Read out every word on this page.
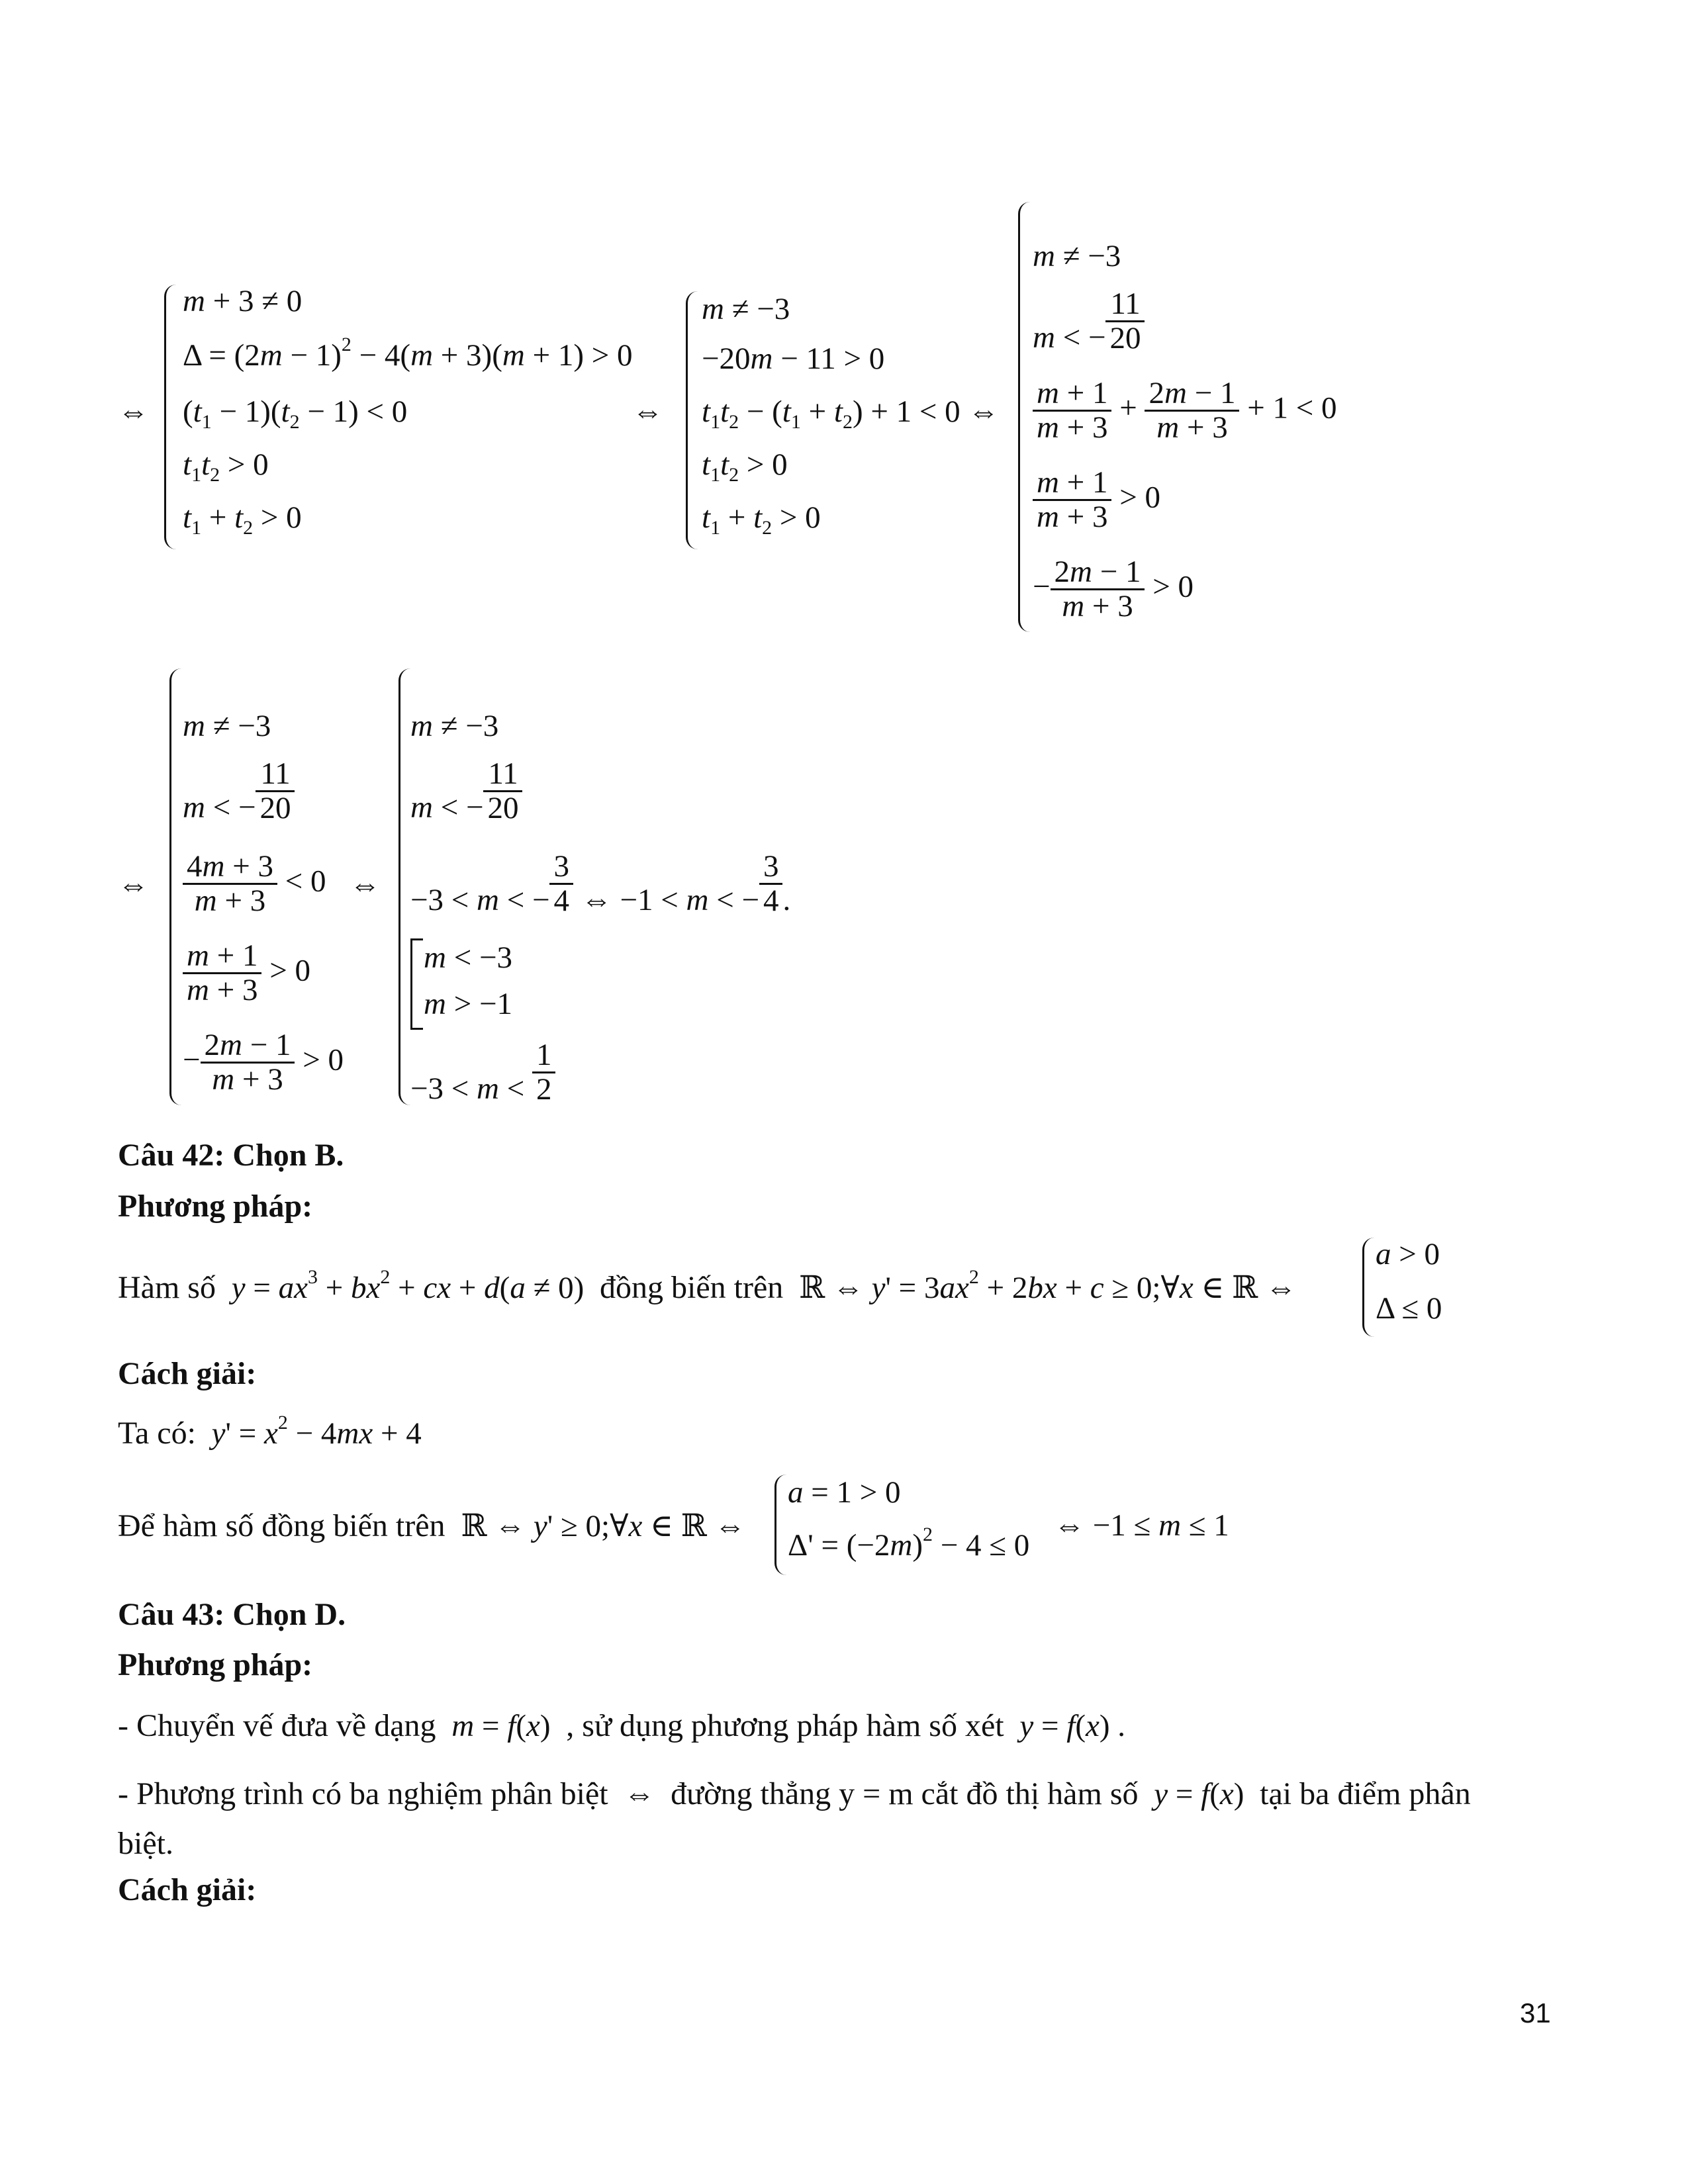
⇔
m + 3 ≠ 0
$\Delta = (2m - 1)^2 - 4(m + 3)(m + 1) > 0$
$(t_1 - 1)(t_2 - 1) < 0$
$t_1t_2 > 0$
$t_1 + t_2 > 0$
⇔
m ≠ −3
−20m − 11 > 0
$t_1t_2 - (t_1 + t_2) + 1 < 0$ ⇔
$t_1t_2 > 0$
$t_1 + t_2 > 0$
m ≠ −3
m < − $\frac{11}{20}$
$\frac{m + 1}{m + 3} + \frac{2m - 1}{m + 3} + 1 < 0$
$\frac{m + 1}{m + 3} > 0$
− $\frac{2m - 1}{m + 3} > 0$
⇔
m ≠ −3
m < − $\frac{11}{20}$
$\frac{4m + 3}{m + 3} < 0$
$\frac{m + 1}{m + 3} > 0$
− $\frac{2m - 1}{m + 3} > 0$
⇔
m ≠ −3
m < − $\frac{11}{20}$
−3 < m < − $\frac{3}{4}$ ⇔ −1 < m < − $\frac{3}{4}$ .
m < −3
m > −1
$-3 < m < \frac{1}{2}$
Câu 42: Chọn B.
Phương pháp:
Hàm số $y = ax^3 + bx^2$ + cx + d(a ≠ 0)  đồng biến trên  ℝ ⇔ $y' = 3ax^2 + 2bx + c$ ≥ 0;∀x ∈ ℝ ⇔
a > 0
Δ ≤ 0
Cách giải:
Ta có: $y' = x^2 - 4mx + 4$
Để hàm số đồng biến trên  ℝ ⇔ y' ≥ 0;∀x ∈ ℝ ⇔
a = 1 > 0
$\Delta' = (-2m)^2 - 4 \le 0$
⇔ −1 ≤ m ≤ 1
Câu 43: Chọn D.
Phương pháp:
- Chuyển vế đưa về dạng m = f(x)  , sử dụng phương pháp hàm số xét y = f(x) .
- Phương trình có ba nghiệm phân biệt  ⇔  đường thẳng y = m cắt đồ thị hàm số y = f(x)  tại ba điểm phân
biệt.
Cách giải:
31
